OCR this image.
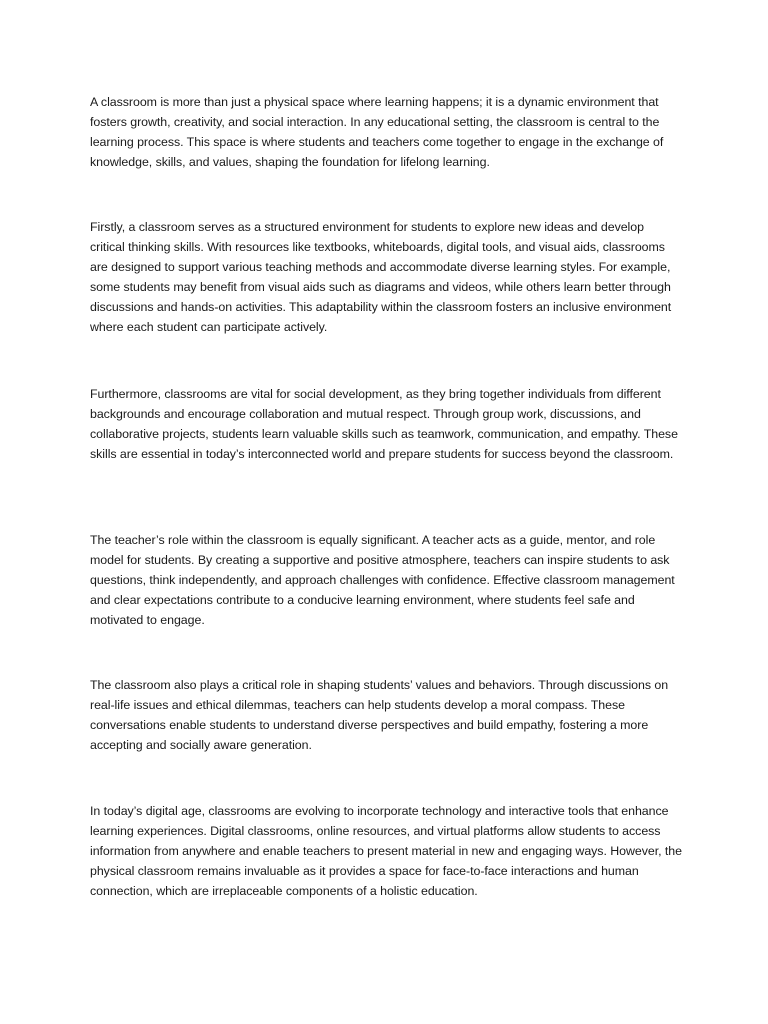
A classroom is more than just a physical space where learning happens; it is a dynamic environment that fosters growth, creativity, and social interaction. In any educational setting, the classroom is central to the learning process. This space is where students and teachers come together to engage in the exchange of knowledge, skills, and values, shaping the foundation for lifelong learning.

Firstly, a classroom serves as a structured environment for students to explore new ideas and develop critical thinking skills. With resources like textbooks, whiteboards, digital tools, and visual aids, classrooms are designed to support various teaching methods and accommodate diverse learning styles. For example, some students may benefit from visual aids such as diagrams and videos, while others learn better through discussions and hands-on activities. This adaptability within the classroom fosters an inclusive environment where each student can participate actively.

Furthermore, classrooms are vital for social development, as they bring together individuals from different backgrounds and encourage collaboration and mutual respect. Through group work, discussions, and collaborative projects, students learn valuable skills such as teamwork, communication, and empathy. These skills are essential in today’s interconnected world and prepare students for success beyond the classroom.

The teacher’s role within the classroom is equally significant. A teacher acts as a guide, mentor, and role model for students. By creating a supportive and positive atmosphere, teachers can inspire students to ask questions, think independently, and approach challenges with confidence. Effective classroom management and clear expectations contribute to a conducive learning environment, where students feel safe and motivated to engage.

The classroom also plays a critical role in shaping students’ values and behaviors. Through discussions on real-life issues and ethical dilemmas, teachers can help students develop a moral compass. These conversations enable students to understand diverse perspectives and build empathy, fostering a more accepting and socially aware generation.

In today’s digital age, classrooms are evolving to incorporate technology and interactive tools that enhance learning experiences. Digital classrooms, online resources, and virtual platforms allow students to access information from anywhere and enable teachers to present material in new and engaging ways. However, the physical classroom remains invaluable as it provides a space for face-to-face interactions and human connection, which are irreplaceable components of a holistic education.
